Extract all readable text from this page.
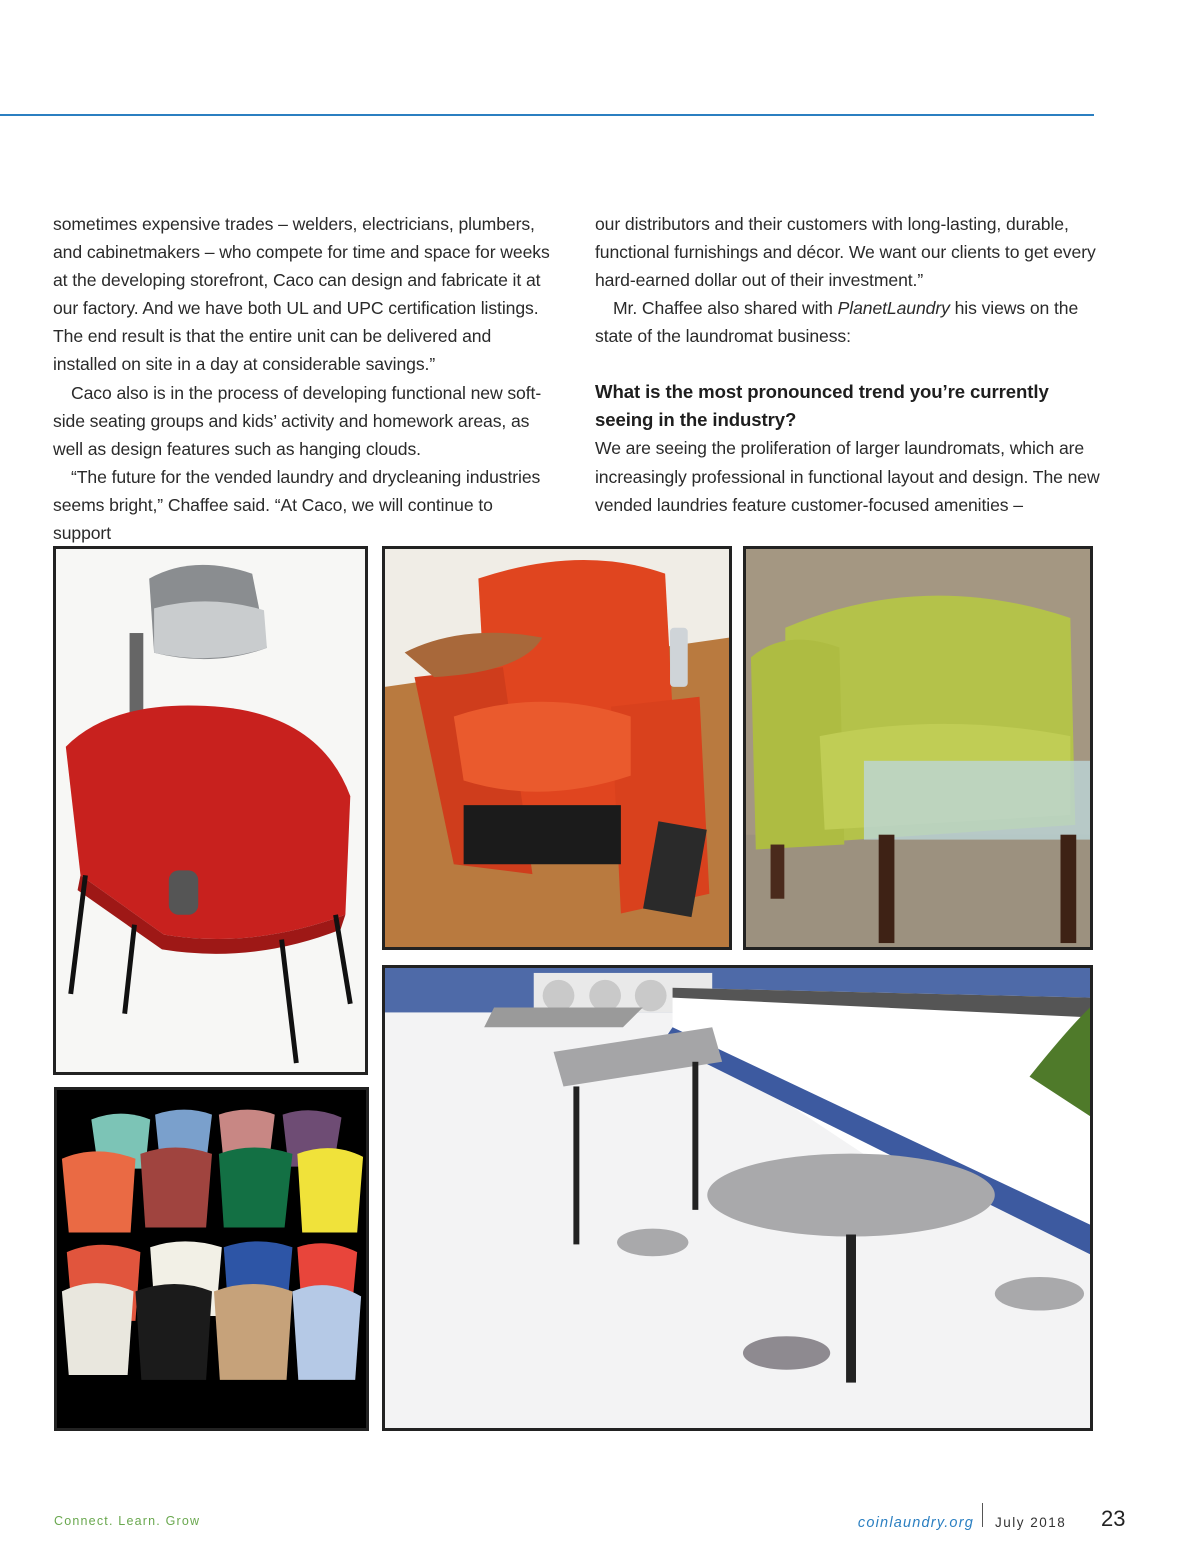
sometimes expensive trades – welders, electricians, plumbers, and cabinetmakers – who compete for time and space for weeks at the developing storefront, Caco can design and fabricate it at our factory. And we have both UL and UPC certification listings. The end result is that the entire unit can be delivered and installed on site in a day at considerable savings.”

Caco also is in the process of developing functional new soft-side seating groups and kids’ activity and homework areas, as well as design features such as hanging clouds.

“The future for the vended laundry and drycleaning industries seems bright,” Chaffee said. “At Caco, we will continue to support

our distributors and their customers with long-lasting, durable, functional furnishings and décor. We want our clients to get every hard-earned dollar out of their investment.”

Mr. Chaffee also shared with PlanetLaundry his views on the state of the laundromat business:

What is the most pronounced trend you’re currently seeing in the industry?

We are seeing the proliferation of larger laundromats, which are increasingly professional in functional layout and design. The new vended laundries feature customer-focused amenities –

Connect. Learn. Grow	coinlaundry.org July 2018 23
